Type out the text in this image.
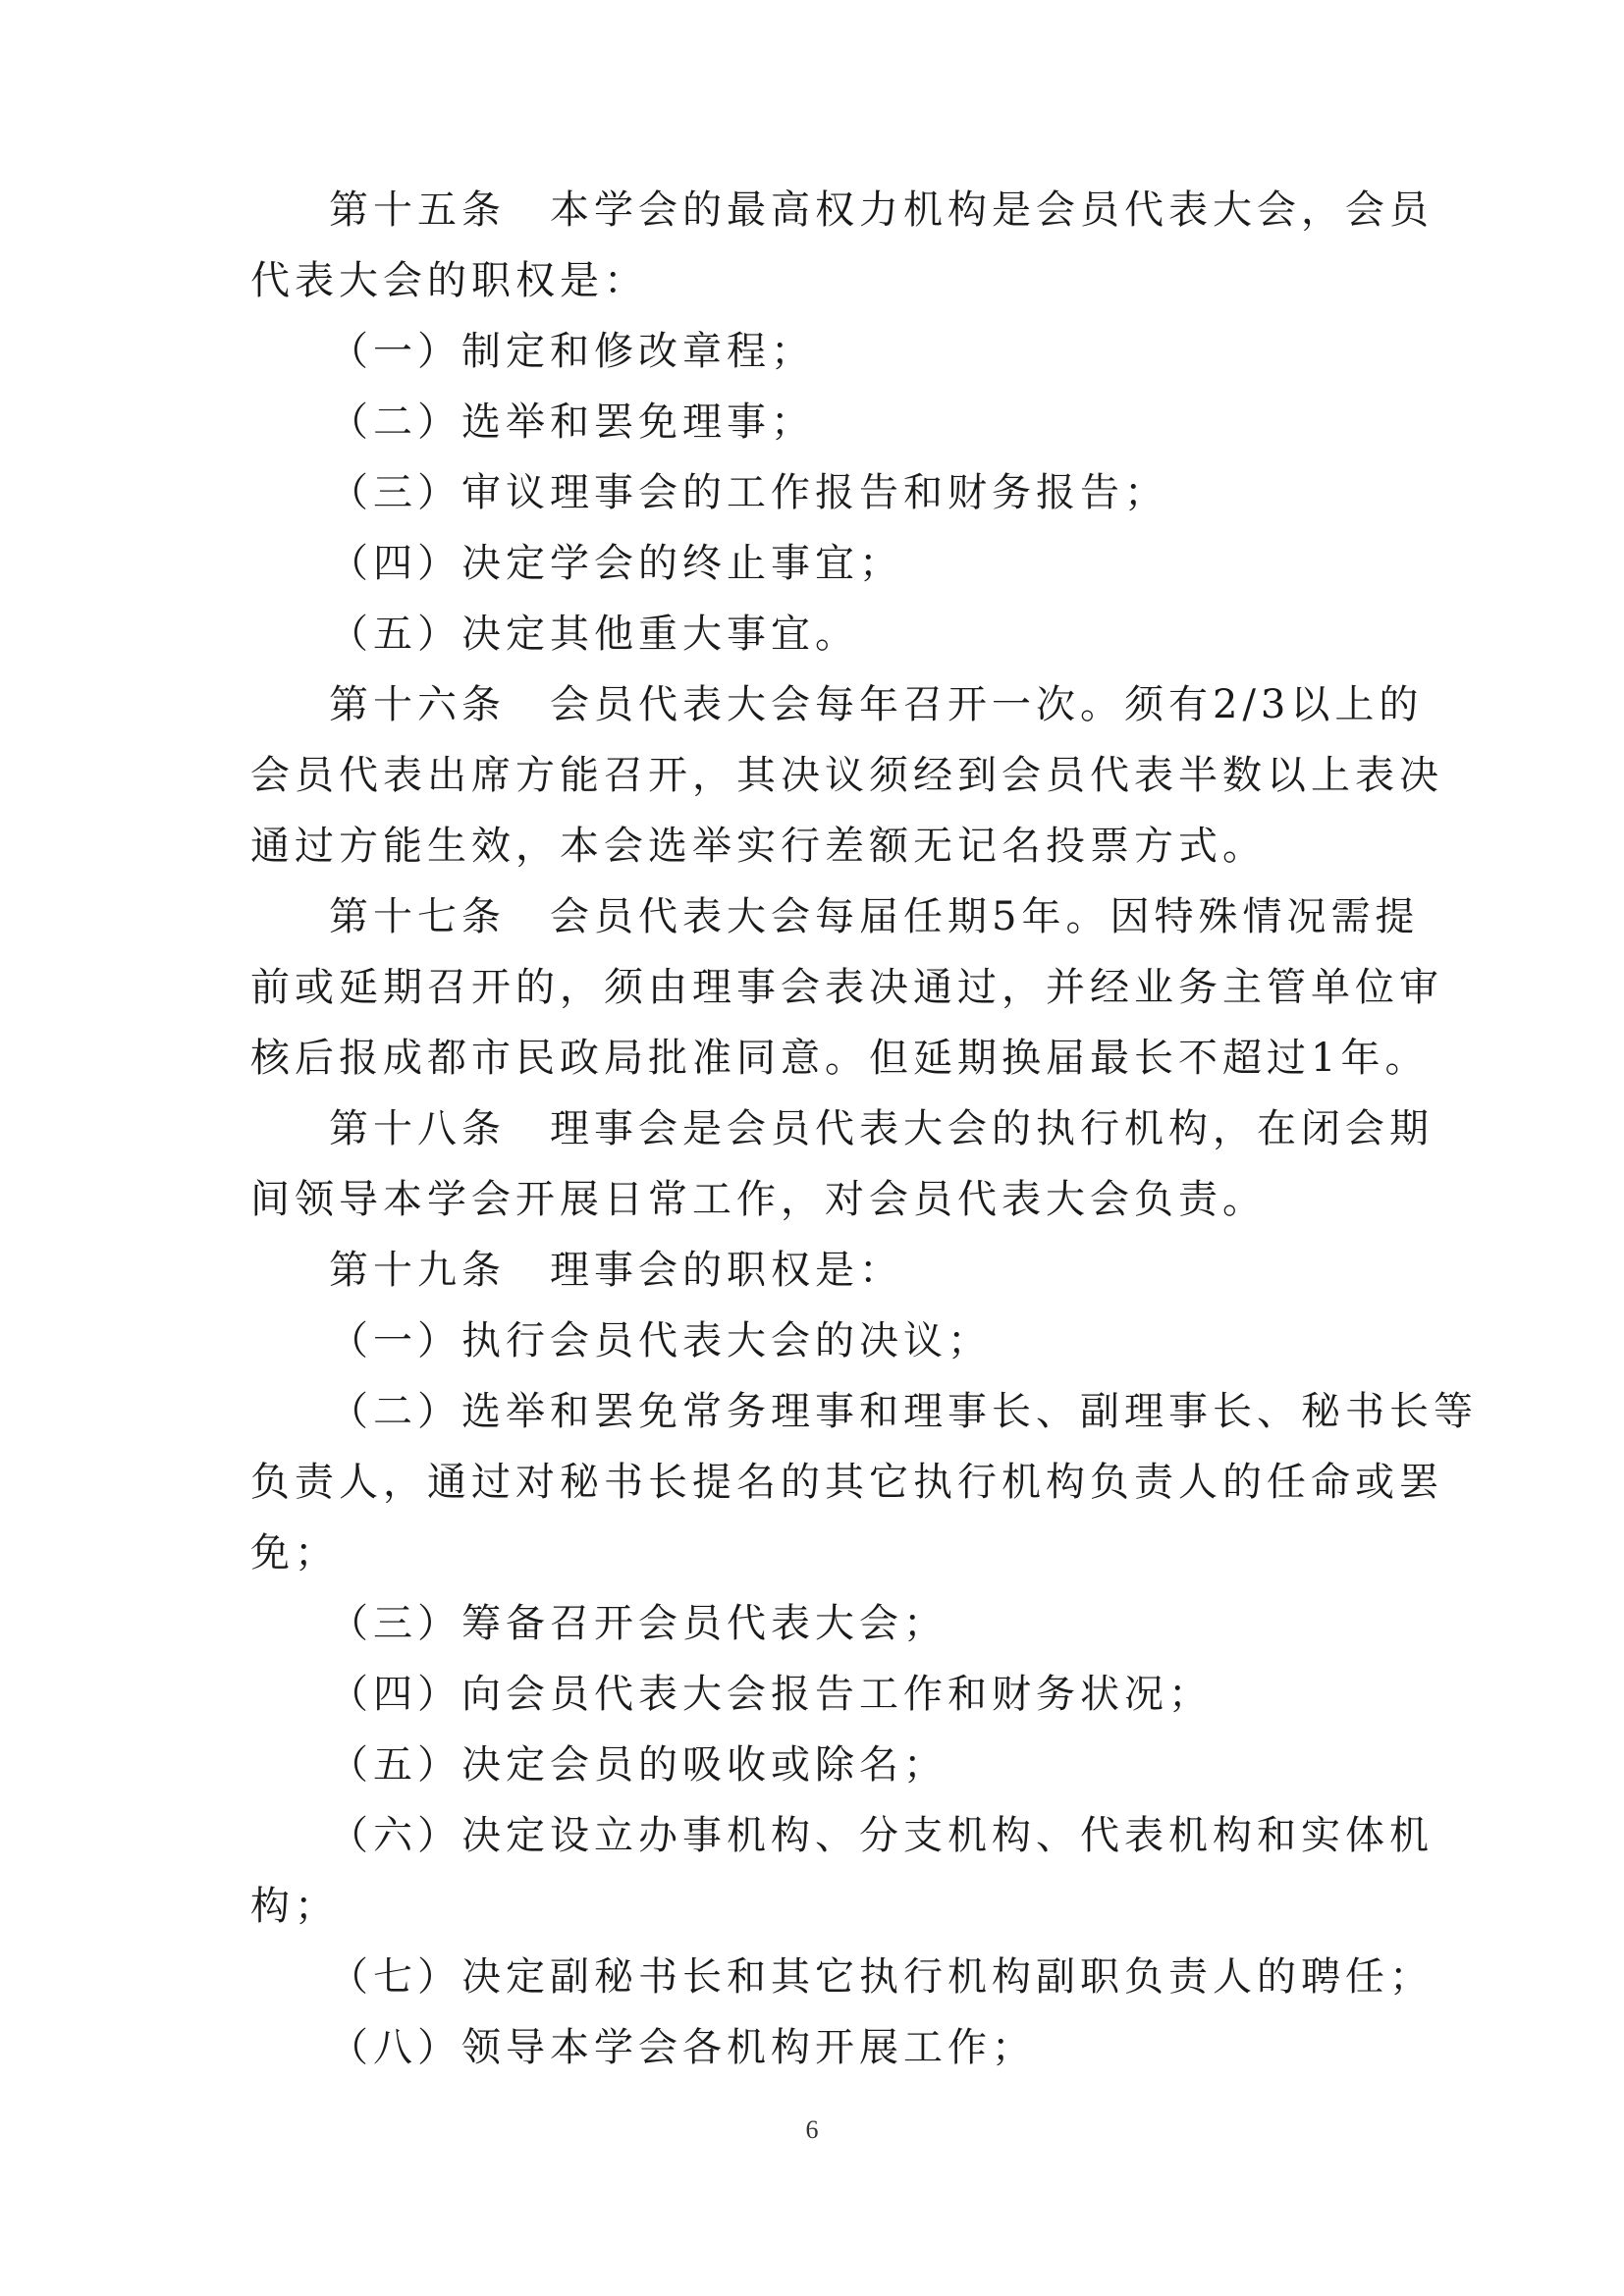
第十五条　本学会的最高权力机构是会员代表大会，会员
代表大会的职权是：
（一）制定和修改章程；
（二）选举和罢免理事；
（三）审议理事会的工作报告和财务报告；
（四）决定学会的终止事宜；
（五）决定其他重大事宜。
第十六条　会员代表大会每年召开一次。须有2/3以上的
会员代表出席方能召开，其决议须经到会员代表半数以上表决
通过方能生效，本会选举实行差额无记名投票方式。
第十七条　会员代表大会每届任期5年。因特殊情况需提
前或延期召开的，须由理事会表决通过，并经业务主管单位审
核后报成都市民政局批准同意。但延期换届最长不超过1年。
第十八条　理事会是会员代表大会的执行机构，在闭会期
间领导本学会开展日常工作，对会员代表大会负责。
第十九条　理事会的职权是：
（一）执行会员代表大会的决议；
（二）选举和罢免常务理事和理事长、副理事长、秘书长等
负责人，通过对秘书长提名的其它执行机构负责人的任命或罢
免；
（三）筹备召开会员代表大会；
（四）向会员代表大会报告工作和财务状况；
（五）决定会员的吸收或除名；
（六）决定设立办事机构、分支机构、代表机构和实体机
构；
（七）决定副秘书长和其它执行机构副职负责人的聘任；
（八）领导本学会各机构开展工作；
6
